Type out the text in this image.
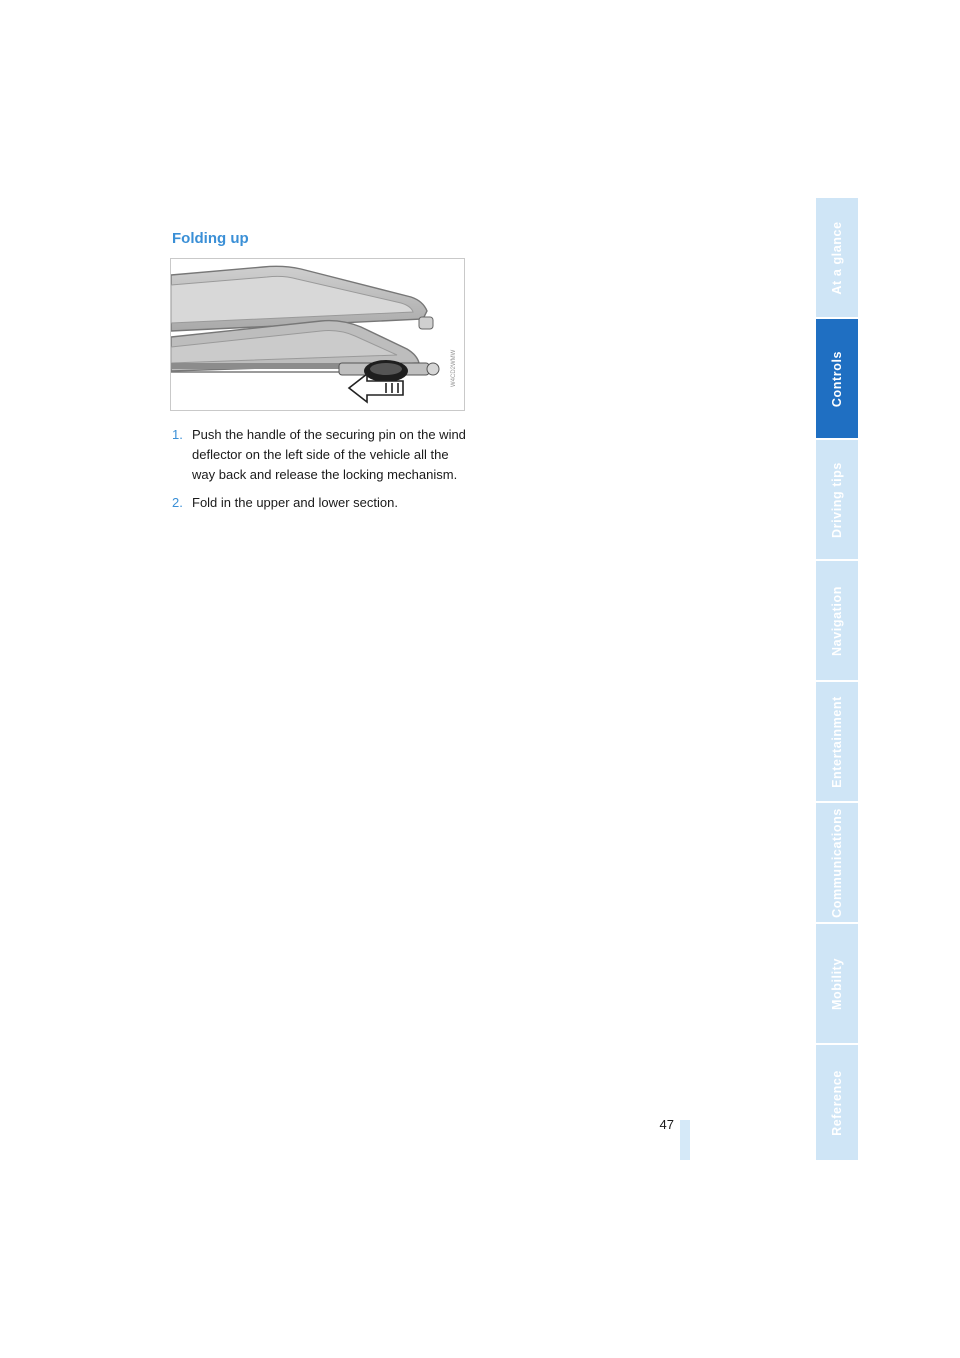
Folding up
W4CD2WMW
1. Push the handle of the securing pin on the wind deflector on the left side of the vehicle all the way back and release the locking mechanism.
2. Fold in the upper and lower section.
47
At a glance
Controls
Driving tips
Navigation
Entertainment
Communications
Mobility
Reference
